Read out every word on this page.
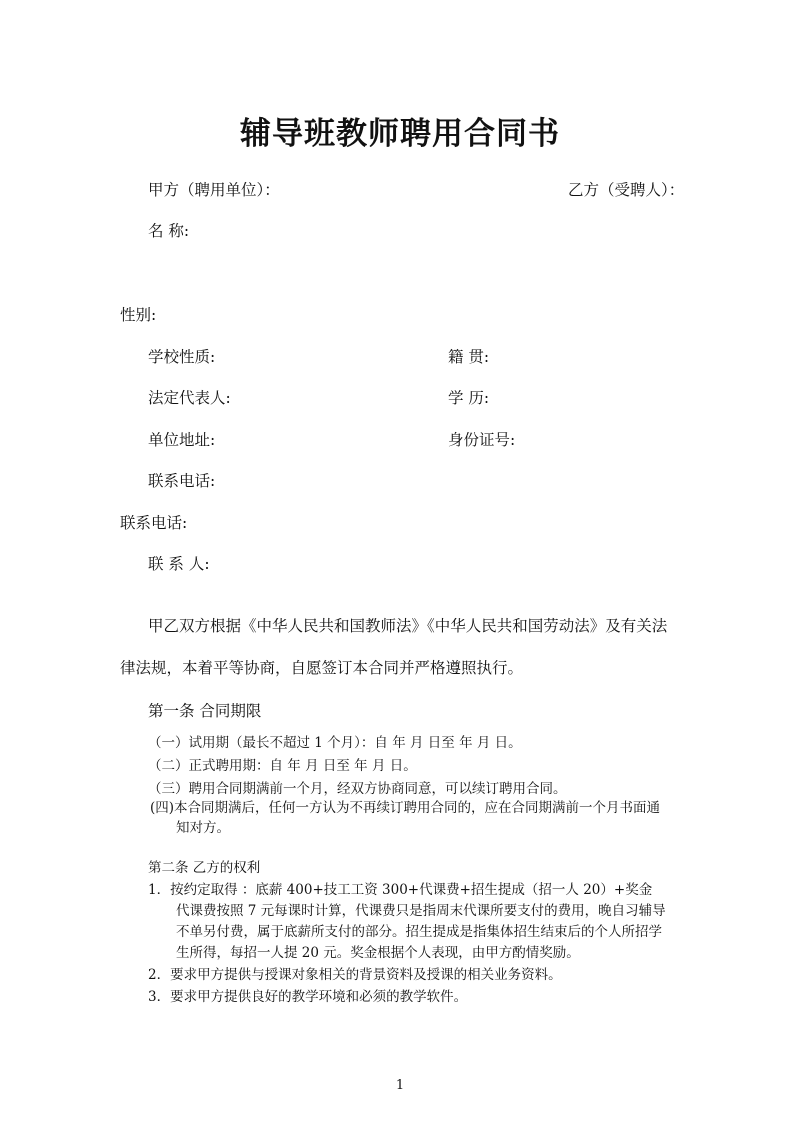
辅导班教师聘用合同书
甲方（聘用单位）：	乙方（受聘人）：
名 称:
性别:
学校性质:	籍 贯:
法定代表人:	学 历:
单位地址:	身份证号:
联系电话:
联系电话:
联 系 人:
甲乙双方根据《中华人民共和国教师法》《中华人民共和国劳动法》及有关法
律法规，本着平等协商，自愿签订本合同并严格遵照执行。
第一条 合同期限
（一）试用期（最长不超过 1 个月）：自 年 月 日至 年 月 日。
（二）正式聘用期：自 年 月 日至 年 月 日。
（三）聘用合同期满前一个月，经双方协商同意，可以续订聘用合同。
(四)本合同期满后，任何一方认为不再续订聘用合同的，应在合同期满前一个月书面通
知对方。
第二条 乙方的权利
1．按约定取得 ：底薪 400+技工工资 300+代课费+招生提成（招一人 20）+奖金
代课费按照 7 元每课时计算，代课费只是指周末代课所要支付的费用，晚自习辅导
不单另付费，属于底薪所支付的部分。招生提成是指集体招生结束后的个人所招学
生所得，每招一人提 20 元。奖金根据个人表现，由甲方酌情奖励。
2．要求甲方提供与授课对象相关的背景资料及授课的相关业务资料。
3．要求甲方提供良好的教学环境和必须的教学软件。
1
